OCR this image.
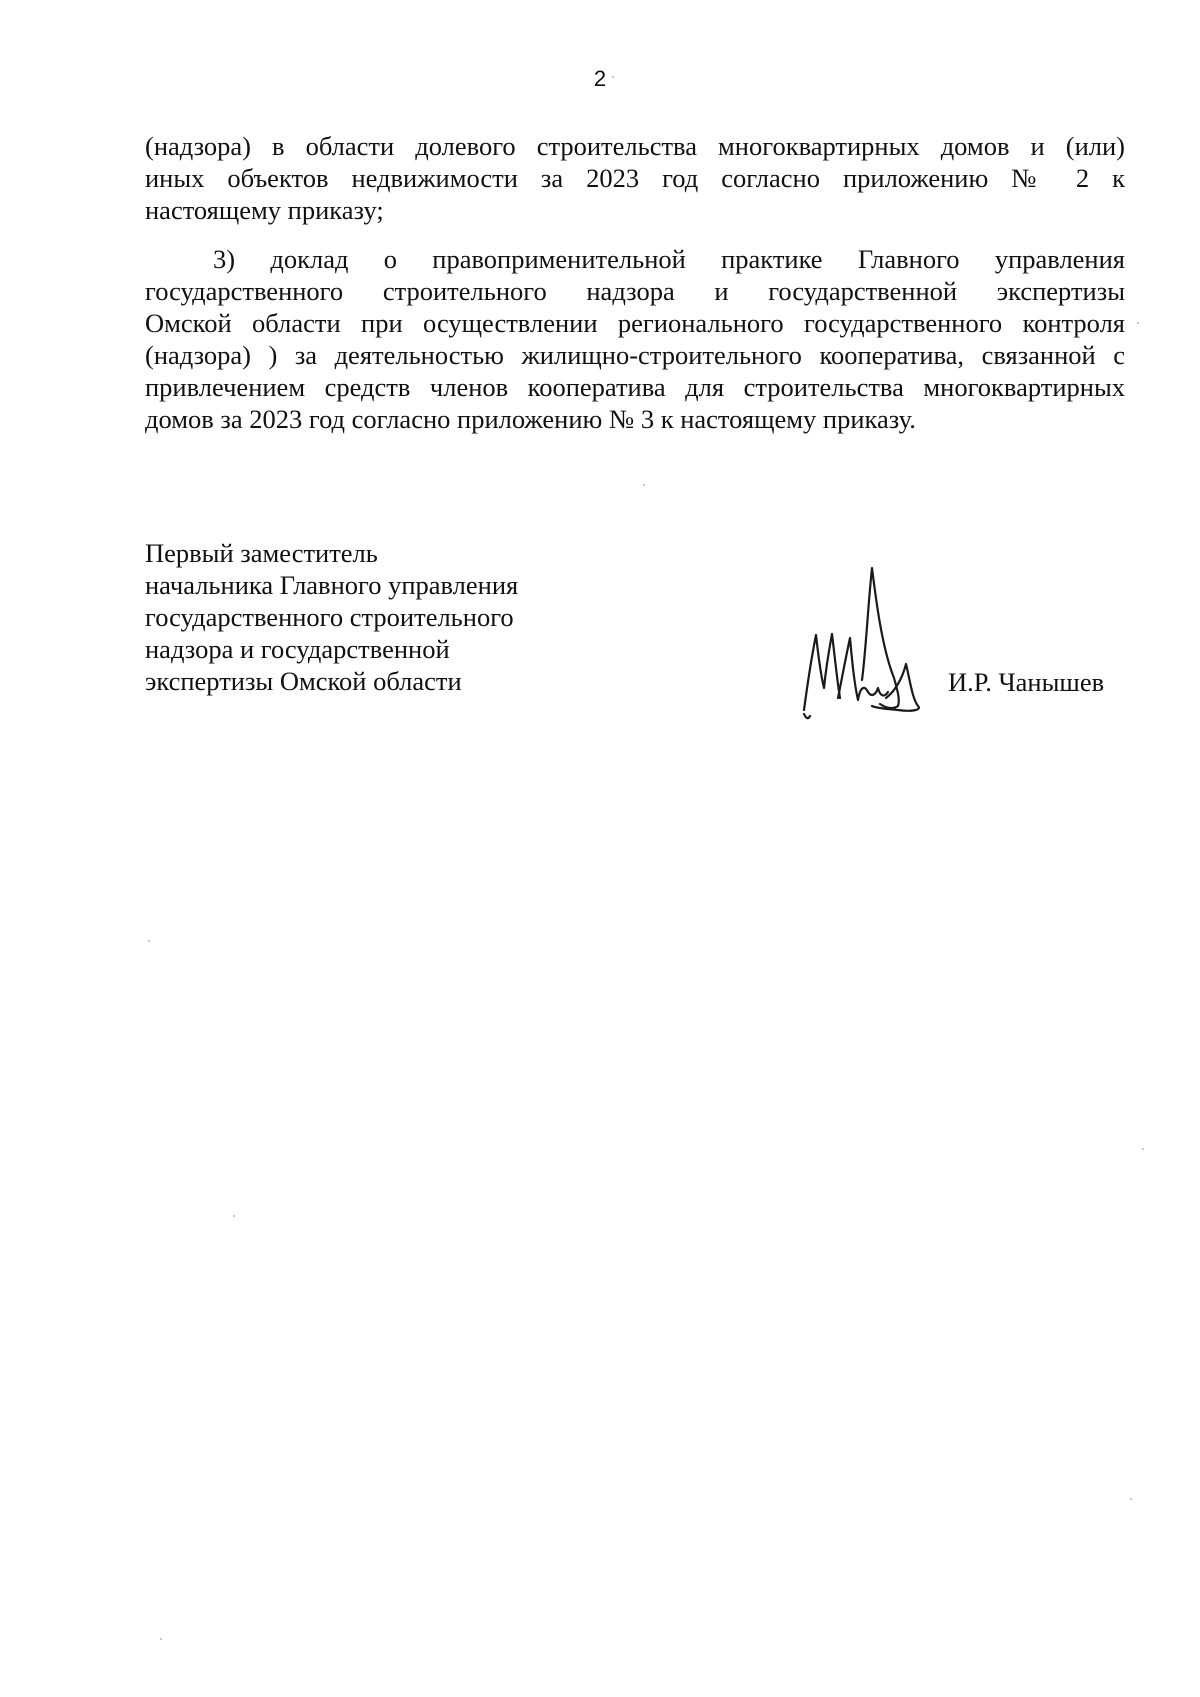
2
(надзора) в области долевого строительства многоквартирных домов и (или)
иных объектов недвижимости за 2023 год согласно приложению № 2 к
настоящему приказу;
3) доклад о правоприменительной практике Главного управления
государственного строительного надзора и государственной экспертизы
Омской области при осуществлении регионального государственного контроля
(надзора) ) за деятельностью жилищно-строительного кооператива, связанной с
привлечением средств членов кооператива для строительства многоквартирных
домов за 2023 год согласно приложению № 3 к настоящему приказу.
Первый заместитель
начальника Главного управления
государственного строительного
надзора и государственной
экспертизы Омской области	И.Р. Чанышев
